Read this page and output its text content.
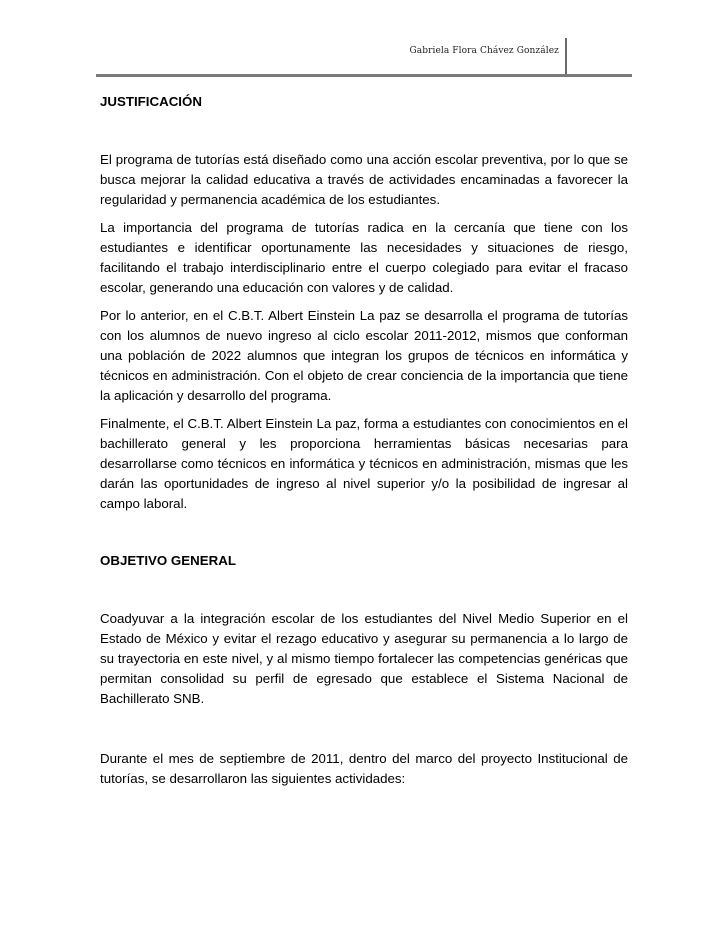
Gabriela Flora Chávez González
JUSTIFICACIÓN

El programa de tutorías está diseñado como una acción escolar preventiva, por lo que se busca mejorar la calidad educativa a través de actividades encaminadas a favorecer la regularidad y permanencia académica de los estudiantes.

La importancia del programa de tutorías radica en la cercanía que tiene con los estudiantes e identificar oportunamente las necesidades y situaciones de riesgo, facilitando el trabajo interdisciplinario entre el cuerpo colegiado para evitar el fracaso escolar, generando una educación con valores y de calidad.

Por lo anterior, en el C.B.T. Albert Einstein La paz se desarrolla el programa de tutorías con los alumnos de nuevo ingreso al ciclo escolar 2011-2012, mismos que conforman una población de 2022 alumnos que integran los grupos de técnicos en informática y técnicos en administración. Con el objeto de crear conciencia de la importancia que tiene la aplicación y desarrollo del programa.

Finalmente, el C.B.T. Albert Einstein La paz, forma a estudiantes con conocimientos en el bachillerato general y les proporciona herramientas básicas necesarias para desarrollarse como técnicos en informática y técnicos en administración, mismas que les darán las oportunidades de ingreso al nivel superior y/o la posibilidad de ingresar al campo laboral.

OBJETIVO GENERAL

Coadyuvar a la integración escolar de los estudiantes del Nivel Medio Superior en el Estado de México y evitar el rezago educativo y asegurar su permanencia a lo largo de su trayectoria en este nivel, y al mismo tiempo fortalecer las competencias genéricas que permitan consolidad su perfil de egresado que establece el Sistema Nacional de Bachillerato SNB.

Durante el mes de septiembre de 2011, dentro del marco del proyecto Institucional de tutorías, se desarrollaron las siguientes actividades:
